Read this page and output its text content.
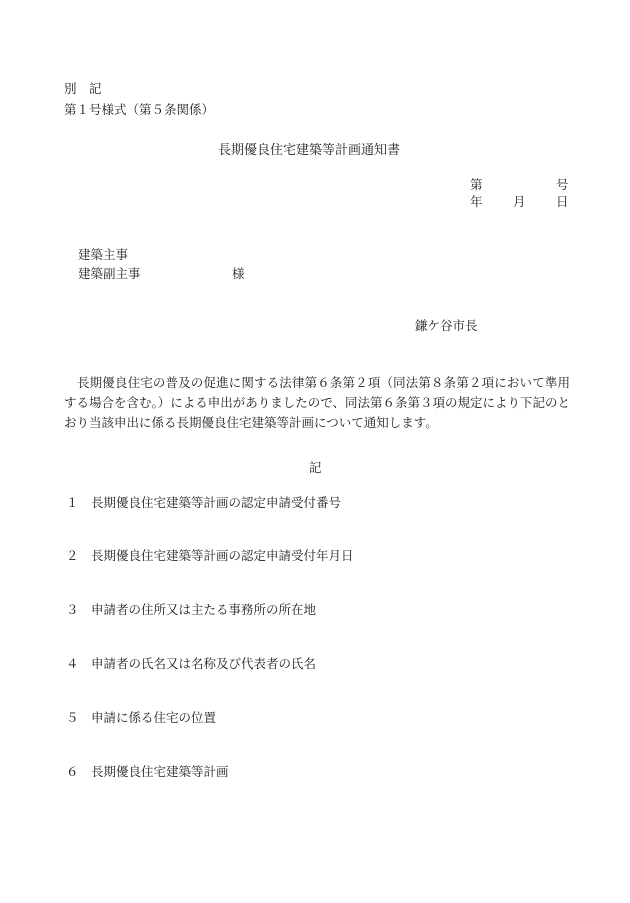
別　記
第１号様式（第５条関係）
長期優良住宅建築等計画通知書
第	号
年 月 日
建築主事
建築副主事	様
鎌ケ谷市長
長期優良住宅の普及の促進に関する法律第６条第２項（同法第８条第２項において準用する場合を含む。）による申出がありましたので、同法第６条第３項の規定により下記のとおり当該申出に係る長期優良住宅建築等計画について通知します。
記
１ 長期優良住宅建築等計画の認定申請受付番号
２ 長期優良住宅建築等計画の認定申請受付年月日
３ 申請者の住所又は主たる事務所の所在地
４ 申請者の氏名又は名称及び代表者の氏名
５ 申請に係る住宅の位置
６ 長期優良住宅建築等計画
